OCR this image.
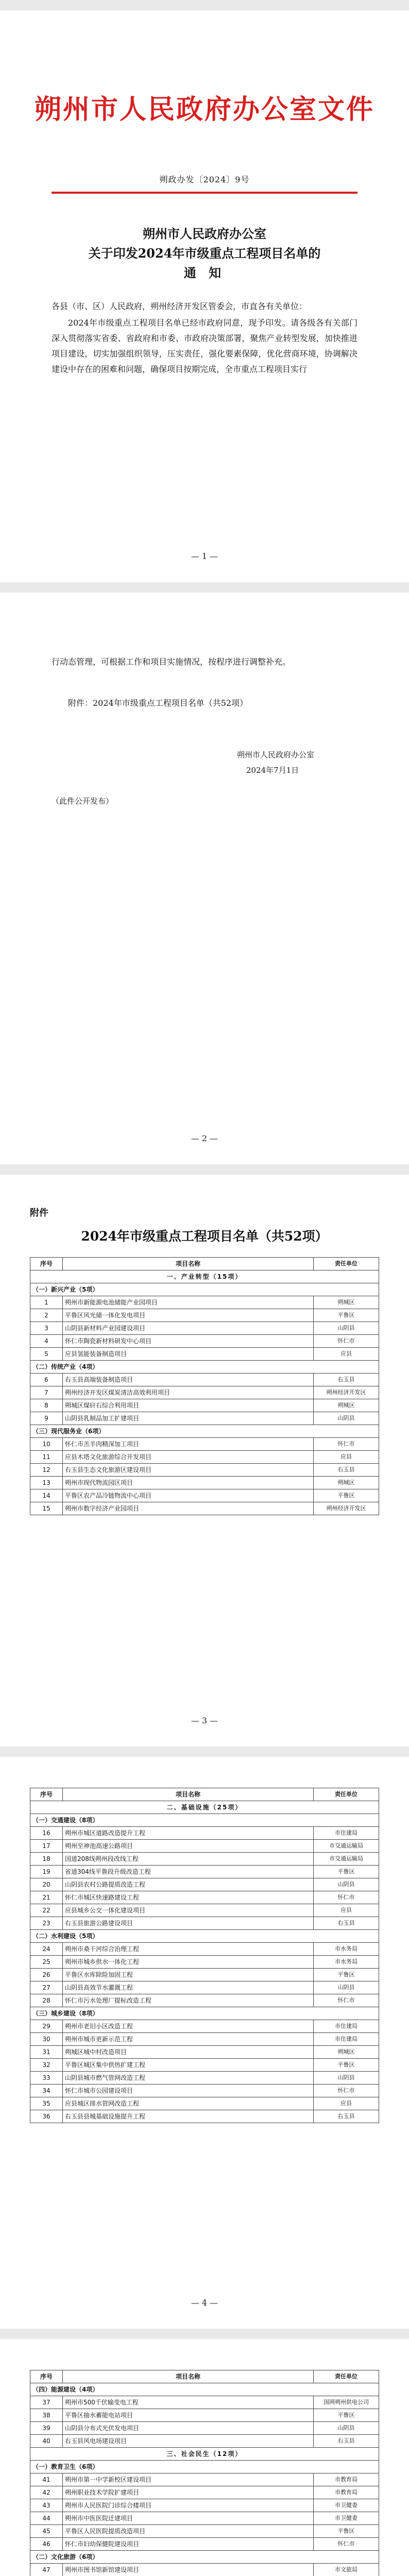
朔州市人民政府办公室文件
朔政办发〔2024〕9号
朔州市人民政府办公室
关于印发2024年市级重点工程项目名单的
通 知
各县（市、区）人民政府，朔州经济开发区管委会，市直各有关单位：
2024年市级重点工程项目名单已经市政府同意，现予印发。请各级各有关部门深入贯彻落实省委、省政府和市委、市政府决策部署，聚焦产业转型发展，加快推进项目建设，切实加强组织领导，压实责任，强化要素保障，优化营商环境，协调解决建设中存在的困难和问题，确保项目按期完成，全市重点工程项目实行
— 1 —
行动态管理，可根据工作和项目实施情况，按程序进行调整补充。
附件：2024年市级重点工程项目名单（共52项）
朔州市人民政府办公室
2024年7月1日
（此件公开发布）
— 2 —
附件
2024年市级重点工程项目名单（共52项）
序号	项目名称	责任单位
一、产业转型（15项）		
（一）新兴产业（5项）		
1	朔州市新能源电池储能产业园项目	朔城区
2	平鲁区风光储一体化发电项目	平鲁区
3	山阴县新材料产业园建设项目	山阴县
4	怀仁市陶瓷新材料研发中心项目	怀仁市
5	应县氢能装备制造项目	应县
（二）传统产业（4项）		
6	右玉县高端装备制造项目	右玉县
7	朔州经济开发区煤炭清洁高效利用项目	朔州经济开发区
8	朔城区煤矸石综合利用项目	朔城区
9	山阴县乳制品加工扩建项目	山阴县
（三）现代服务业（6项）		
10	怀仁市羔羊肉精深加工项目	怀仁市
11	应县木塔文化旅游综合开发项目	应县
12	右玉县生态文化旅游区建设项目	右玉县
13	朔州市现代物流园区项目	朔城区
14	平鲁区农产品冷链物流中心项目	平鲁区
15	朔州市数字经济产业园项目	朔州经济开发区
— 3 —
序号	项目名称	责任单位
二、基础设施（25项）		
（一）交通建设（8项）		
16	朔州市城区道路改造提升工程	市住建局
17	朔州至神池高速公路项目	市交通运输局
18	国道208线朔州段改线工程	市交通运输局
19	省道304线平鲁段升级改造工程	平鲁区
20	山阴县农村公路提质改造工程	山阴县
21	怀仁市城区快速路建设工程	怀仁市
22	应县城乡公交一体化建设项目	应县
23	右玉县旅游公路建设项目	右玉县
（二）水利建设（5项）		
24	朔州市桑干河综合治理工程	市水务局
25	朔州市城乡供水一体化工程	市水务局
26	平鲁区水库除险加固工程	平鲁区
27	山阴县高效节水灌溉工程	山阴县
28	怀仁市污水处理厂提标改造工程	怀仁市
（三）城乡建设（8项）		
29	朔州市老旧小区改造工程	市住建局
30	朔州市城市更新示范工程	市住建局
31	朔城区城中村改造项目	朔城区
32	平鲁区城区集中供热扩建工程	平鲁区
33	山阴县城市燃气管网改造工程	山阴县
34	怀仁市城市公园建设项目	怀仁市
35	应县城区排水管网改造工程	应县
36	右玉县县城基础设施提升工程	右玉县
— 4 —
序号	项目名称	责任单位
（四）能源建设（4项）		
37	朔州市500千伏输变电工程	国网朔州供电公司
38	平鲁区抽水蓄能电站项目	平鲁区
39	山阴县分布式光伏发电项目	山阴县
40	右玉县风电场建设项目	右玉县
三、社会民生（12项）		
（一）教育卫生（6项）		
41	朔州市第一中学新校区建设项目	市教育局
42	朔州职业技术学院扩建项目	市教育局
43	朔州市人民医院门诊综合楼项目	市卫健委
44	朔州市中医医院迁建项目	市卫健委
45	平鲁区人民医院提质改造项目	平鲁区
46	怀仁市妇幼保健院建设项目	怀仁市
（二）文化旅游（6项）		
47	朔州市图书馆新馆建设项目	市文旅局
